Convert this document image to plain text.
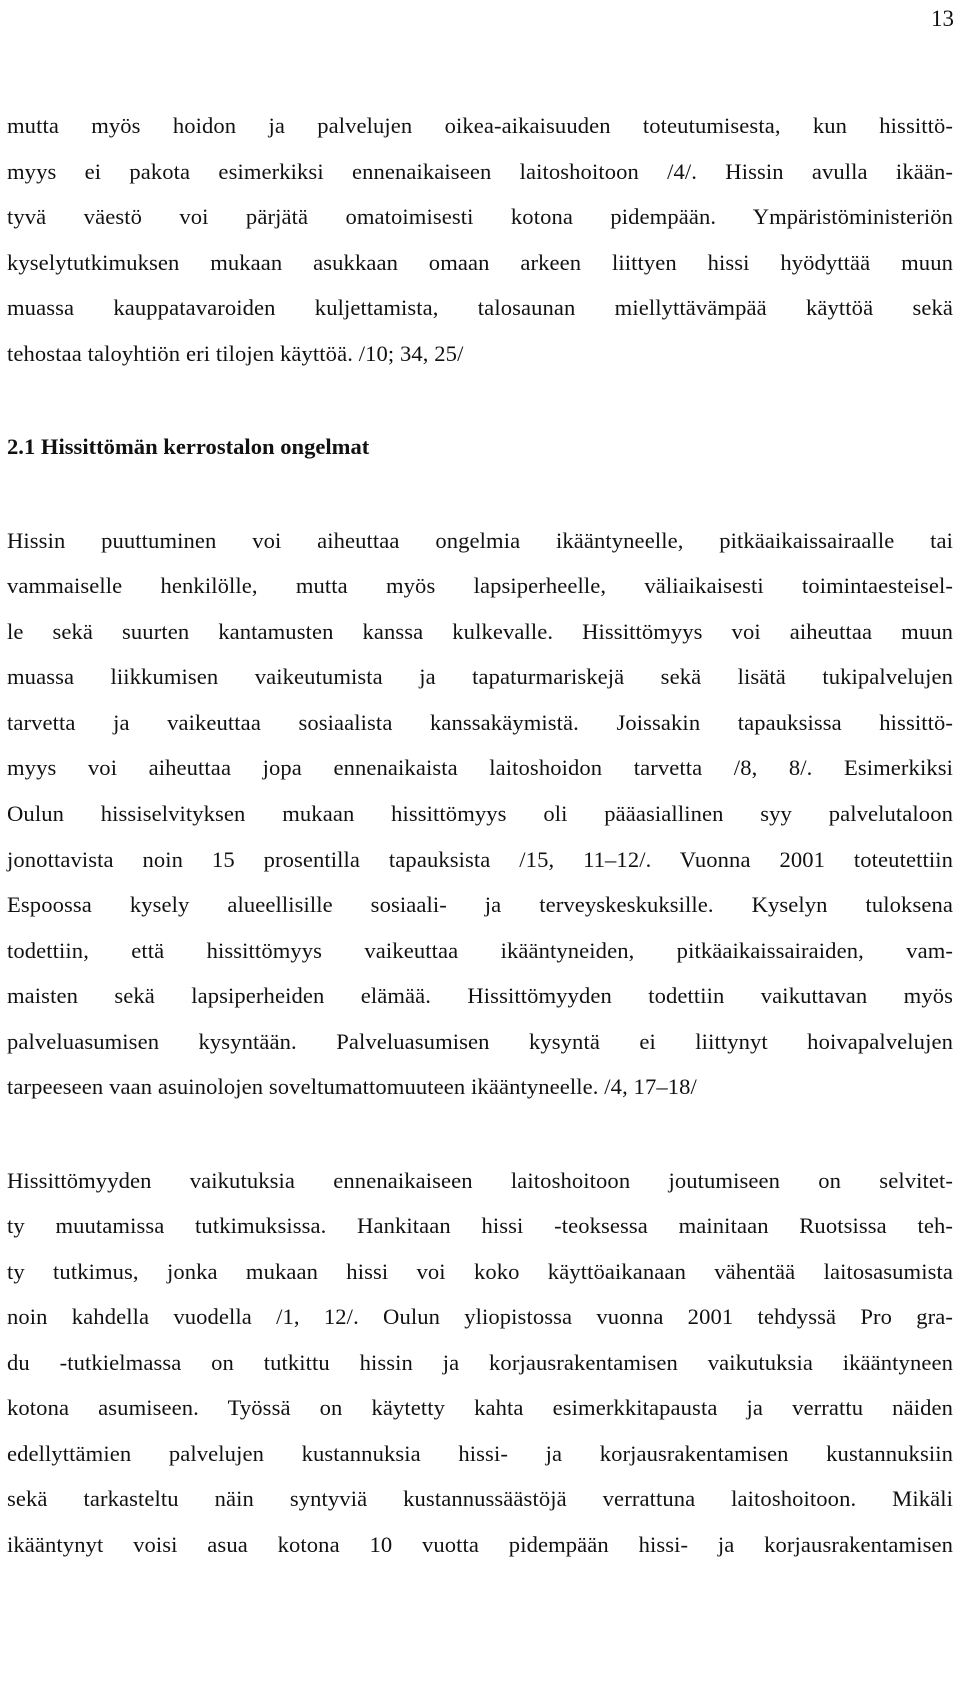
13
mutta myös hoidon ja palvelujen oikea-aikaisuuden toteutumisesta, kun hissittö-
myys ei pakota esimerkiksi ennenaikaiseen laitoshoitoon /4/. Hissin avulla ikään-
tyvä väestö voi pärjätä omatoimisesti kotona pidempään. Ympäristöministeriön
kyselytutkimuksen mukaan asukkaan omaan arkeen liittyen hissi hyödyttää muun
muassa kauppatavaroiden kuljettamista, talosaunan miellyttävämpää käyttöä sekä
tehostaa taloyhtiön eri tilojen käyttöä. /10; 34, 25/
2.1 Hissittömän kerrostalon ongelmat
Hissin puuttuminen voi aiheuttaa ongelmia ikääntyneelle, pitkäaikaissairaalle tai
vammaiselle henkilölle, mutta myös lapsiperheelle, väliaikaisesti toimintaesteisel-
le sekä suurten kantamusten kanssa kulkevalle. Hissittömyys voi aiheuttaa muun
muassa liikkumisen vaikeutumista ja tapaturmariskejä sekä lisätä tukipalvelujen
tarvetta ja vaikeuttaa sosiaalista kanssakäymistä. Joissakin tapauksissa hissittö-
myys voi aiheuttaa jopa ennenaikaista laitoshoidon tarvetta /8, 8/. Esimerkiksi
Oulun hissiselvityksen mukaan hissittömyys oli pääasiallinen syy palvelutaloon
jonottavista noin 15 prosentilla tapauksista /15, 11–12/. Vuonna 2001 toteutettiin
Espoossa kysely alueellisille sosiaali- ja terveyskeskuksille. Kyselyn tuloksena
todettiin, että hissittömyys vaikeuttaa ikääntyneiden, pitkäaikaissairaiden, vam-
maisten sekä lapsiperheiden elämää. Hissittömyyden todettiin vaikuttavan myös
palveluasumisen kysyntään. Palveluasumisen kysyntä ei liittynyt hoivapalvelujen
tarpeeseen vaan asuinolojen soveltumattomuuteen ikääntyneelle. /4, 17–18/
Hissittömyyden vaikutuksia ennenaikaiseen laitoshoitoon joutumiseen on selvitet-
ty muutamissa tutkimuksissa. Hankitaan hissi -teoksessa mainitaan Ruotsissa teh-
ty tutkimus, jonka mukaan hissi voi koko käyttöaikanaan vähentää laitosasumista
noin kahdella vuodella /1, 12/. Oulun yliopistossa vuonna 2001 tehdyssä Pro gra-
du -tutkielmassa on tutkittu hissin ja korjausrakentamisen vaikutuksia ikääntyneen
kotona asumiseen. Työssä on käytetty kahta esimerkkitapausta ja verrattu näiden
edellyttämien palvelujen kustannuksia hissi- ja korjausrakentamisen kustannuksiin
sekä tarkasteltu näin syntyviä kustannussäästöjä verrattuna laitoshoitoon. Mikäli
ikääntynyt voisi asua kotona 10 vuotta pidempään hissi- ja korjausrakentamisen
